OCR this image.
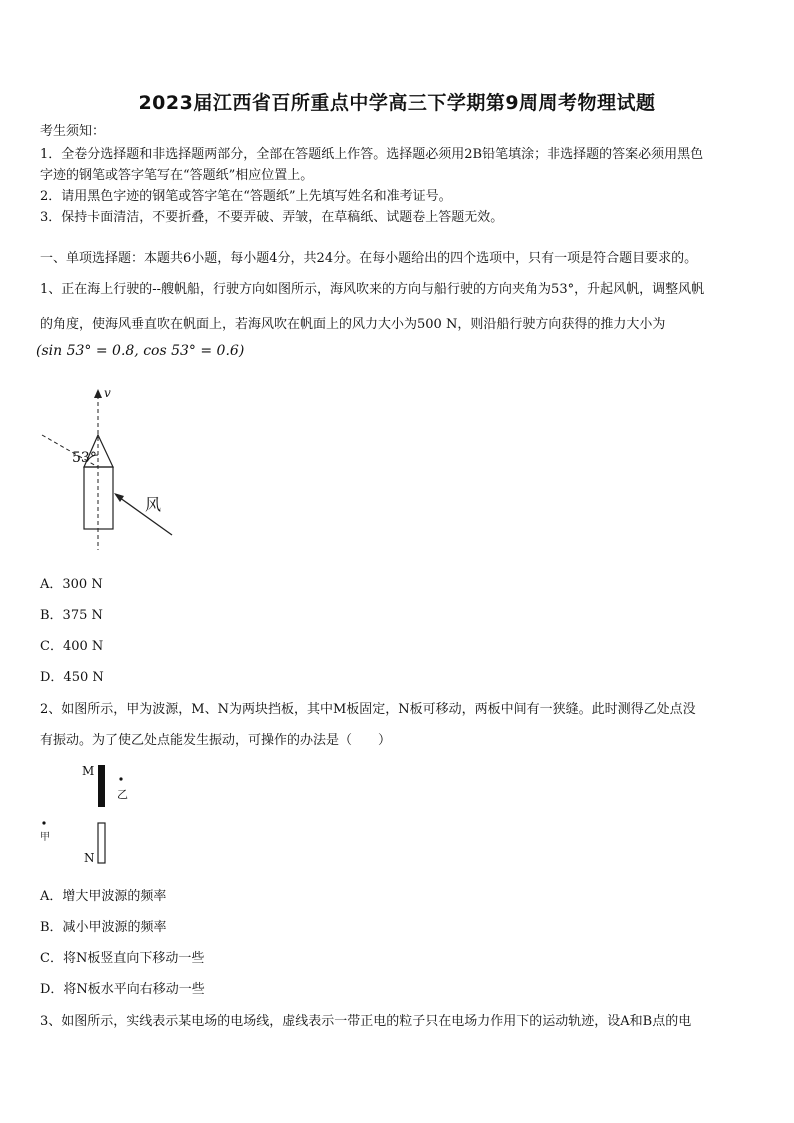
2023届江西省百所重点中学高三下学期第9周周考物理试题
考生须知：
1．全卷分选择题和非选择题两部分，全部在答题纸上作答。选择题必须用2B铅笔填涂；非选择题的答案必须用黑色
字迹的钢笔或答字笔写在“答题纸”相应位置上。
2．请用黑色字迹的钢笔或答字笔在“答题纸”上先填写姓名和准考证号。
3．保持卡面清洁，不要折叠，不要弄破、弄皱，在草稿纸、试题卷上答题无效。
一、单项选择题：本题共6小题，每小题4分，共24分。在每小题给出的四个选项中，只有一项是符合题目要求的。
1、正在海上行驶的--艘帆船，行驶方向如图所示，海风吹来的方向与船行驶的方向夹角为53°，升起风帆，调整风帆
的角度，使海风垂直吹在帆面上，若海风吹在帆面上的风力大小为500 N，则沿船行驶方向获得的推力大小为
(sin 53° = 0.8, cos 53° = 0.6)
v
53°
风
A．300 N
B．375 N
C．400 N
D．450 N
2、如图所示，甲为波源，M、N为两块挡板，其中M板固定，N板可移动，两板中间有一狭缝。此时测得乙处点没
有振动。为了使乙处点能发生振动，可操作的办法是（　　）
M
N
甲
乙
A．增大甲波源的频率
B．减小甲波源的频率
C．将N板竖直向下移动一些
D．将N板水平向右移动一些
3、如图所示，实线表示某电场的电场线，虚线表示一带正电的粒子只在电场力作用下的运动轨迹，设A和B点的电
